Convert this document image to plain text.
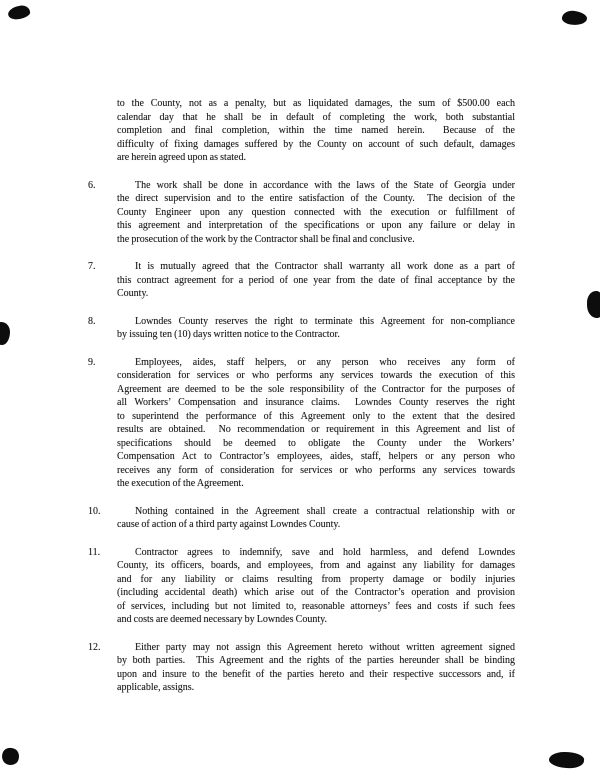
to the County, not as a penalty, but as liquidated damages, the sum of $500.00 each
calendar day that he shall be in default of completing the work, both substantial
completion and final completion, within the time named herein.  Because of the
difficulty of fixing damages suffered by the County on account of such default, damages
are herein agreed upon as stated.
6.	The work shall be done in accordance with the laws of the State of Georgia under
the direct supervision and to the entire satisfaction of the County.  The decision of the
County Engineer upon any question connected with the execution or fulfillment of
this agreement and interpretation of the specifications or upon any failure or delay in
the prosecution of the work by the Contractor shall be final and conclusive.
7.	It is mutually agreed that the Contractor shall warranty all work done as a part of
this contract agreement for a period of one year from the date of final acceptance by the
County.
8.	Lowndes County reserves the right to terminate this Agreement for non-compliance
by issuing ten (10) days written notice to the Contractor.
9.	Employees, aides, staff helpers, or any person who receives any form of
consideration for services or who performs any services towards the execution of this
Agreement are deemed to be the sole responsibility of the Contractor for the purposes of
all Workers’ Compensation and insurance claims.  Lowndes County reserves the right
to superintend the performance of this Agreement only to the extent that the desired
results are obtained.  No recommendation or requirement in this Agreement and list of
specifications should be deemed to obligate the County under the Workers’
Compensation Act to Contractor’s employees, aides, staff, helpers or any person who
receives any form of consideration for services or who performs any services towards
the execution of the Agreement.
10.	Nothing contained in the Agreement shall create a contractual relationship with or
cause of action of a third party against Lowndes County.
11.	Contractor agrees to indemnify, save and hold harmless, and defend Lowndes
County, its officers, boards, and employees, from and against any liability for damages
and for any liability or claims resulting from property damage or bodily injuries
(including accidental death) which arise out of the Contractor’s operation and provision
of services, including but not limited to, reasonable attorneys’ fees and costs if such fees
and costs are deemed necessary by Lowndes County.
12.	Either party may not assign this Agreement hereto without written agreement signed
by both parties.  This Agreement and the rights of the parties hereunder shall be binding
upon and insure to the benefit of the parties hereto and their respective successors and, if
applicable, assigns.
